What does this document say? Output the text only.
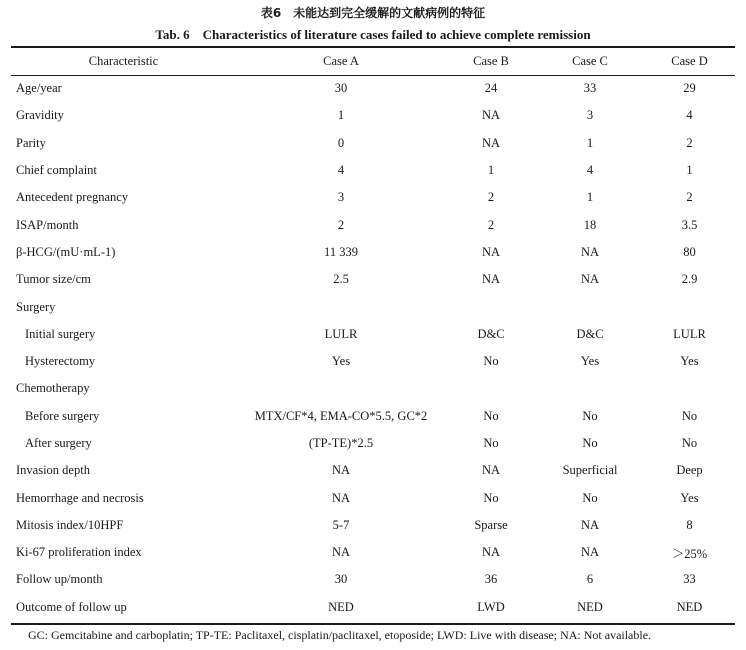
表6　未能达到完全缓解的文献病例的特征
Tab. 6　Characteristics of literature cases failed to achieve complete remission
Characteristic	Case A	Case B	Case C	Case D
Age/year	30	24	33	29
Gravidity	1	NA	3	4
Parity	0	NA	1	2
Chief complaint	4	1	4	1
Antecedent pregnancy	3	2	1	2
ISAP/month	2	2	18	3.5
β-HCG/(mU·mL-1)	11 339	NA	NA	80
Tumor size/cm	2.5	NA	NA	2.9
Surgery				
Initial surgery	LULR	D&C	D&C	LULR
Hysterectomy	Yes	No	Yes	Yes
Chemotherapy				
Before surgery	MTX/CF*4, EMA-CO*5.5, GC*2	No	No	No
After surgery	(TP-TE)*2.5	No	No	No
Invasion depth	NA	NA	Superficial	Deep
Hemorrhage and necrosis	NA	No	No	Yes
Mitosis index/10HPF	5-7	Sparse	NA	8
Ki-67 proliferation index	NA	NA	NA	＞25%
Follow up/month	30	36	6	33
Outcome of follow up	NED	LWD	NED	NED
GC: Gemcitabine and carboplatin; TP-TE: Paclitaxel, cisplatin/paclitaxel, etoposide; LWD: Live with disease; NA: Not available.
